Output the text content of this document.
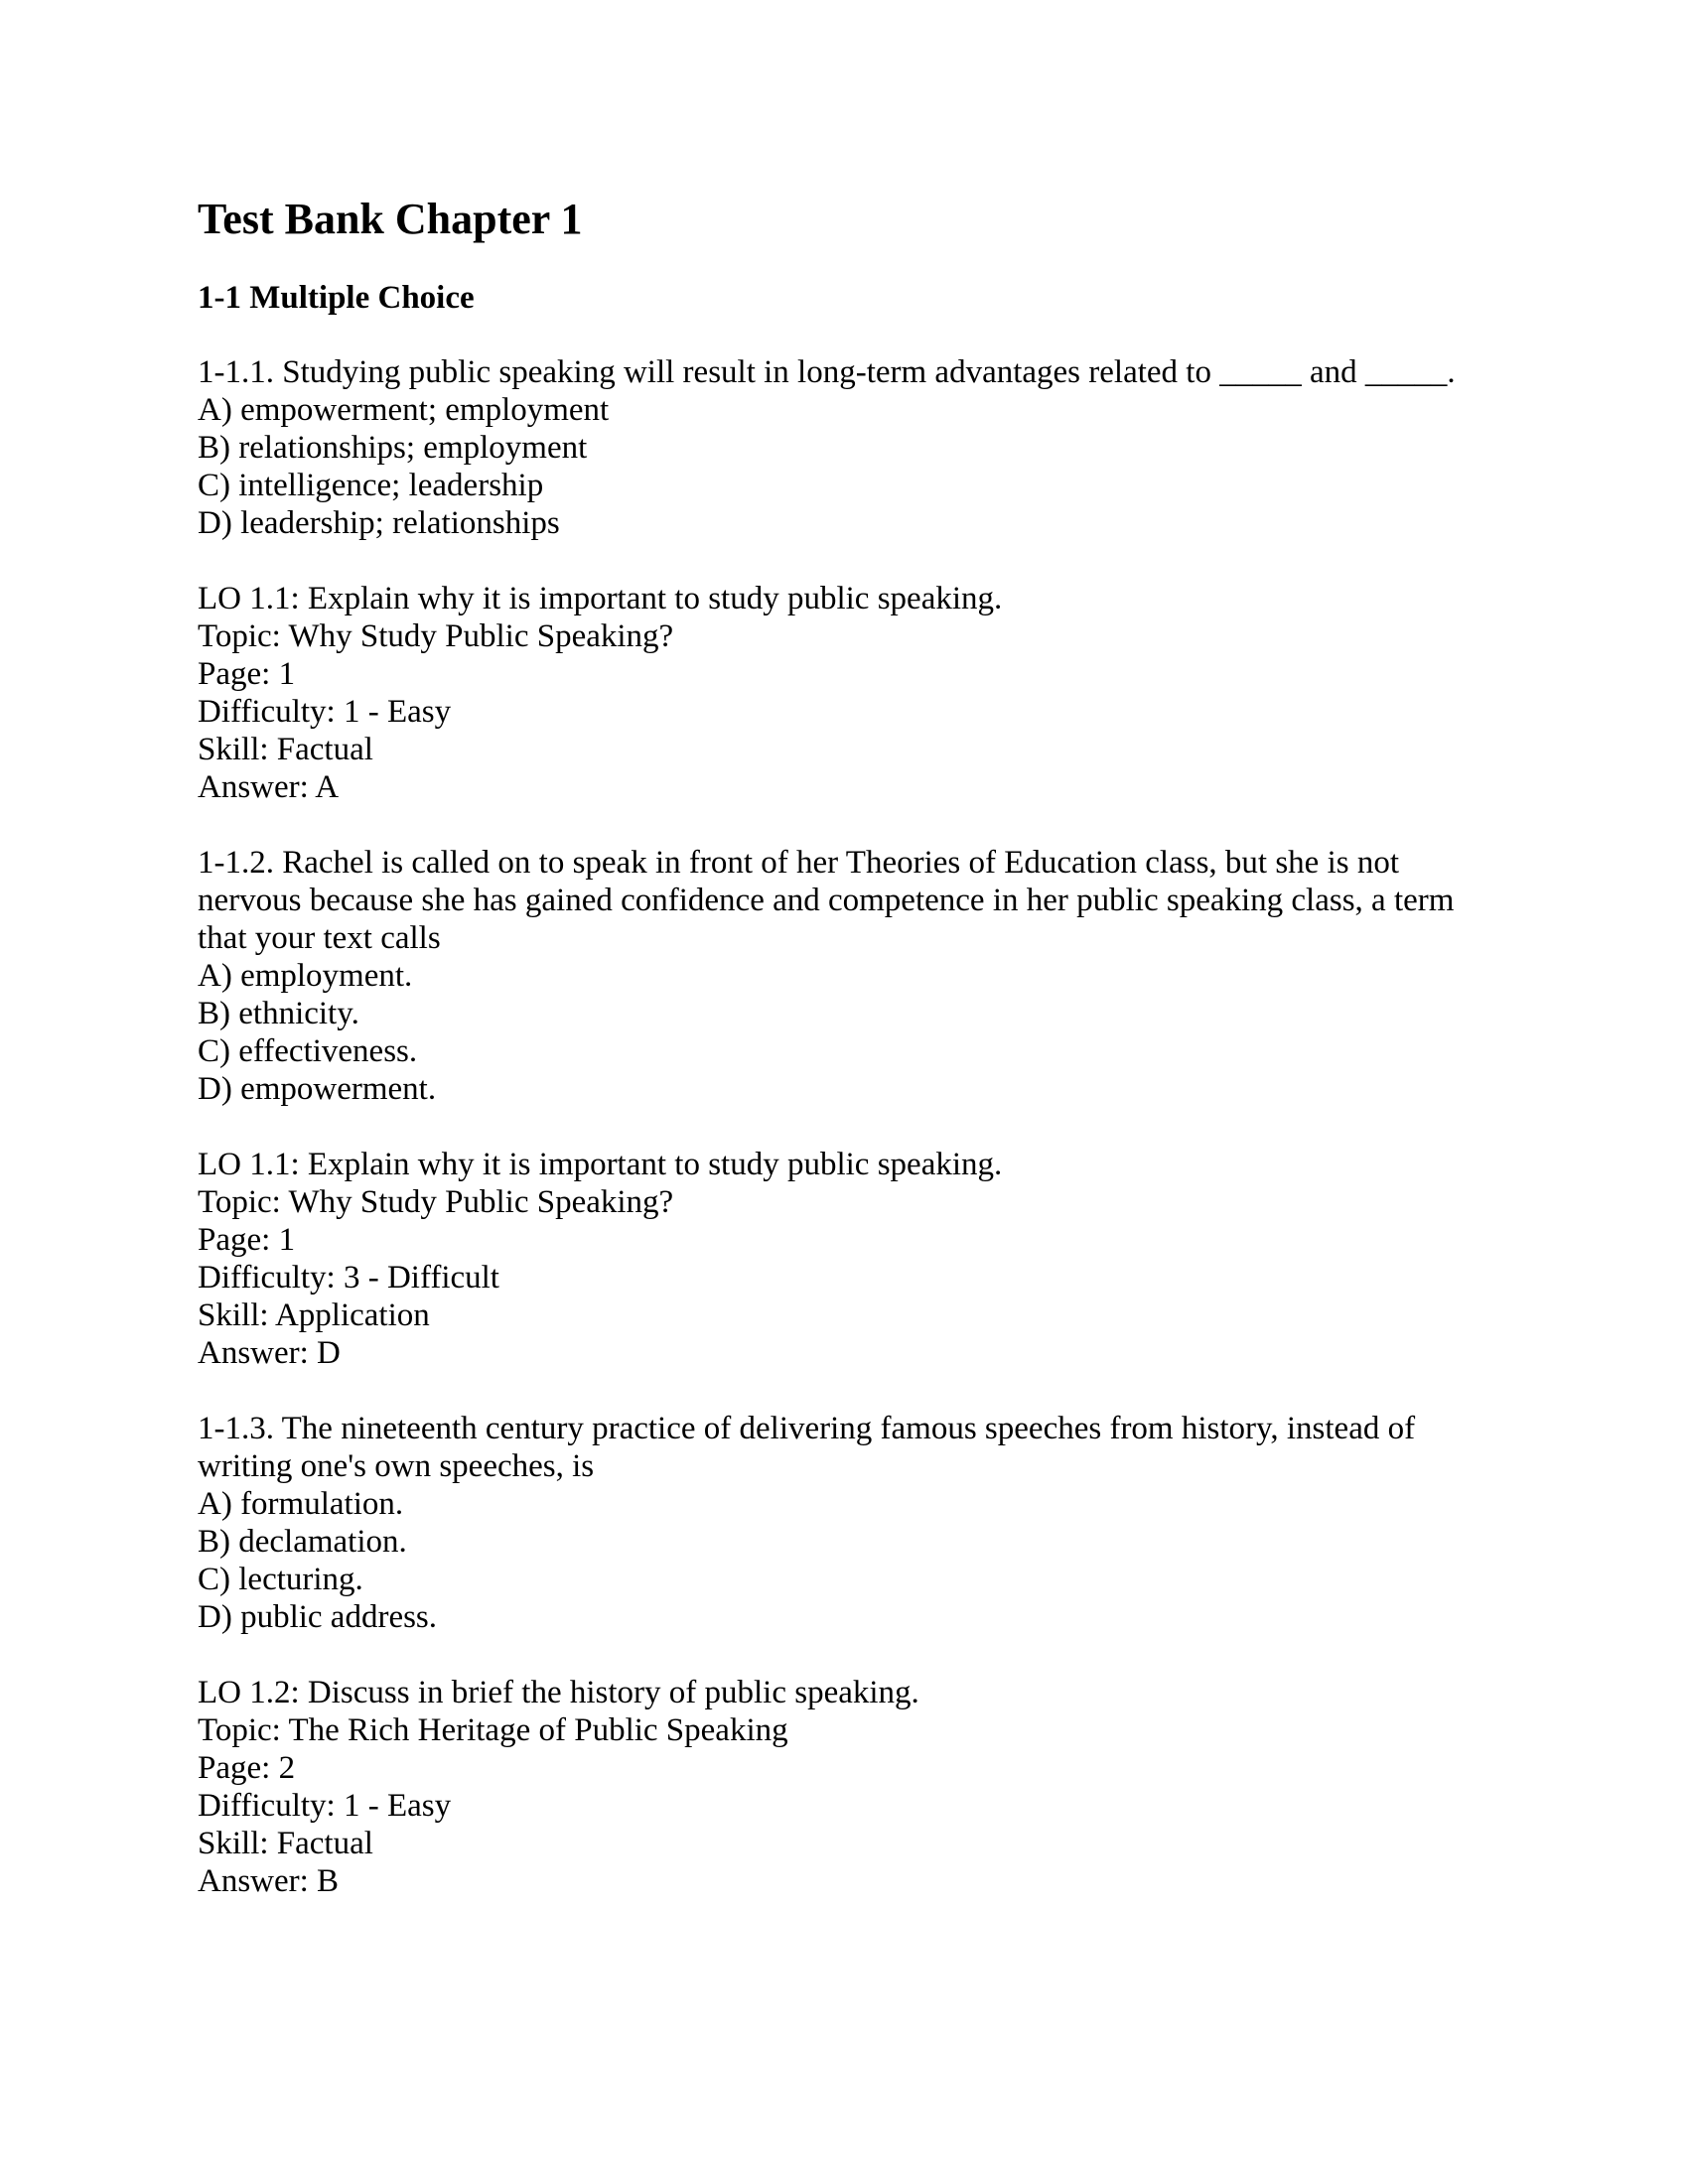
Test Bank Chapter 1
1-1 Multiple Choice
1-1.1. Studying public speaking will result in long-term advantages related to _____ and _____.
A) empowerment; employment
B) relationships; employment
C) intelligence; leadership
D) leadership; relationships
LO 1.1: Explain why it is important to study public speaking.
Topic: Why Study Public Speaking?
Page: 1
Difficulty: 1 - Easy
Skill: Factual
Answer: A
1-1.2. Rachel is called on to speak in front of her Theories of Education class, but she is not
nervous because she has gained confidence and competence in her public speaking class, a term
that your text calls
A) employment.
B) ethnicity.
C) effectiveness.
D) empowerment.
LO 1.1: Explain why it is important to study public speaking.
Topic: Why Study Public Speaking?
Page: 1
Difficulty: 3 - Difficult
Skill: Application
Answer: D
1-1.3. The nineteenth century practice of delivering famous speeches from history, instead of
writing one's own speeches, is
A) formulation.
B) declamation.
C) lecturing.
D) public address.
LO 1.2: Discuss in brief the history of public speaking.
Topic: The Rich Heritage of Public Speaking
Page: 2
Difficulty: 1 - Easy
Skill: Factual
Answer: B
